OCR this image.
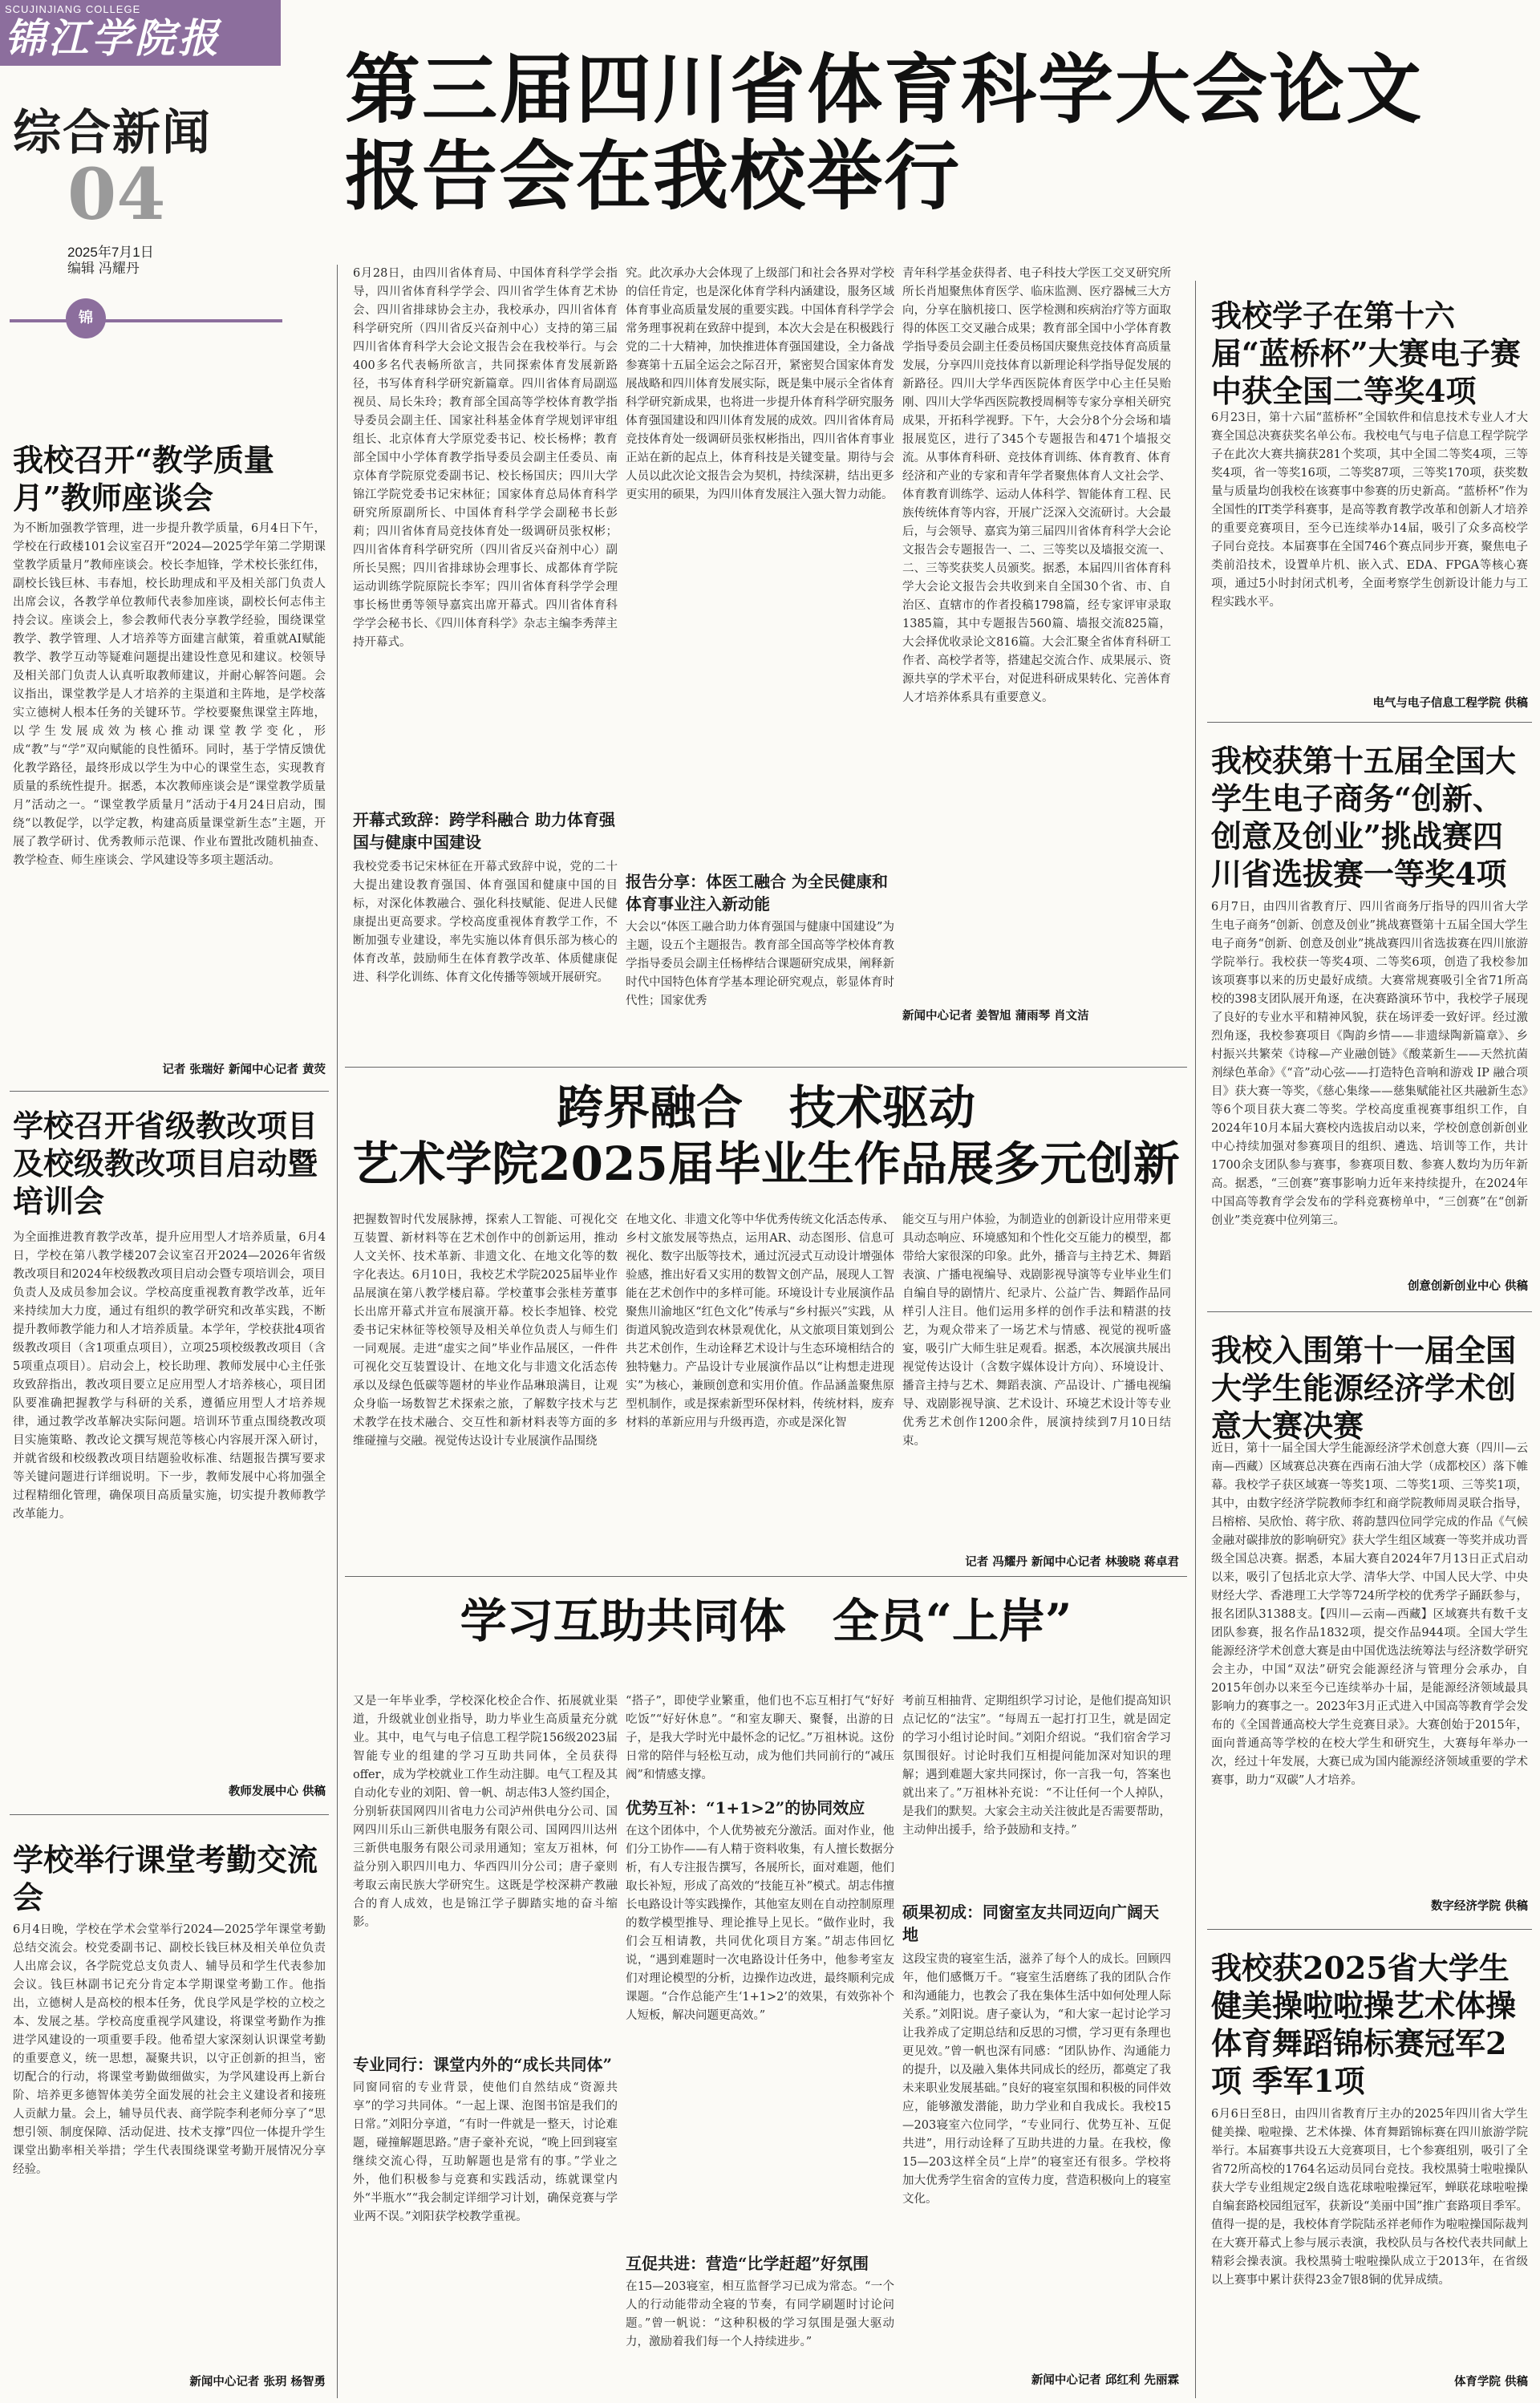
SCUJINJIANG COLLEGE
锦江学院报
综合新闻
04
2025年7月1日
编辑 冯耀丹
锦
第三届四川省体育科学大会论文报告会在我校举行
6月28日，由四川省体育局、中国体育科学学会指导，四川省体育科学学会、四川省学生体育艺术协会、四川省排球协会主办，我校承办，四川省体育科学研究所（四川省反兴奋剂中心）支持的第三届四川省体育科学大会论文报告会在我校举行。与会400多名代表畅所欲言，共同探索体育发展新路径，书写体育科学研究新篇章。四川省体育局副巡视员、局长朱玲；教育部全国高等学校体育教学指导委员会副主任、国家社科基金体育学规划评审组组长、北京体育大学原党委书记、校长杨桦；教育部全国中小学体育教学指导委员会副主任委员、南京体育学院原党委副书记、校长杨国庆；四川大学锦江学院党委书记宋林征；国家体育总局体育科学研究所原副所长、中国体育科学学会副秘书长彭莉；四川省体育局竞技体育处一级调研员张权彬；四川省体育科学研究所（四川省反兴奋剂中心）副所长吴熙；四川省排球协会理事长、成都体育学院运动训练学院原院长李军；四川省体育科学学会理事长杨世勇等领导嘉宾出席开幕式。四川省体育科学学会秘书长、《四川体育科学》杂志主编李秀萍主持开幕式。
开幕式致辞：跨学科融合 助力体育强国与健康中国建设
我校党委书记宋林征在开幕式致辞中说，党的二十大提出建设教育强国、体育强国和健康中国的目标，对深化体教融合、强化科技赋能、促进人民健康提出更高要求。学校高度重视体育教学工作，不断加强专业建设，率先实施以体育俱乐部为核心的体育改革，鼓励师生在体育教学改革、体质健康促进、科学化训练、体育文化传播等领域开展研究。
究。此次承办大会体现了上级部门和社会各界对学校的信任肯定，也是深化体育学科内涵建设，服务区域体育事业高质量发展的重要实践。中国体育科学学会常务理事祝莉在致辞中提到，本次大会是在积极践行党的二十大精神，加快推进体育强国建设，全力备战参赛第十五届全运会之际召开，紧密契合国家体育发展战略和四川体育发展实际，既是集中展示全省体育科学研究新成果，也将进一步提升体育科学研究服务体育强国建设和四川体育发展的成效。四川省体育局竞技体育处一级调研员张权彬指出，四川省体育事业正站在新的起点上，体育科技是关键变量。期待与会人员以此次论文报告会为契机，持续深耕，结出更多更实用的硕果，为四川体育发展注入强大智力动能。
报告分享：体医工融合 为全民健康和体育事业注入新动能
大会以“体医工融合助力体育强国与健康中国建设”为主题，设五个主题报告。教育部全国高等学校体育教学指导委员会副主任杨桦结合课题研究成果，阐释新时代中国特色体育学基本理论研究观点，彰显体育时代性；国家优秀
青年科学基金获得者、电子科技大学医工交叉研究所所长肖旭聚焦体育医学、临床监测、医疗器械三大方向，分享在脑机接口、医学检测和疾病治疗等方面取得的体医工交叉融合成果；教育部全国中小学体育教学指导委员会副主任委员杨国庆聚焦竞技体育高质量发展，分享四川竞技体育以新理论科学指导促发展的新路径。四川大学华西医院体育医学中心主任吴贻刚、四川大学华西医院教授周桐等专家分享相关研究成果，开拓科学视野。下午，大会分8个分会场和墙报展览区，进行了345个专题报告和471个墙报交流。从事体育科研、竞技体育训练、体育教育、体育经济和产业的专家和青年学者聚焦体育人文社会学、体育教育训练学、运动人体科学、智能体育工程、民族传统体育等内容，开展广泛深入交流研讨。大会最后，与会领导、嘉宾为第三届四川省体育科学大会论文报告会专题报告一、二、三等奖以及墙报交流一、二、三等奖获奖人员颁奖。据悉，本届四川省体育科学大会论文报告会共收到来自全国30个省、市、自治区、直辖市的作者投稿1798篇，经专家评审录取1385篇，其中专题报告560篇、墙报交流825篇，大会择优收录论文816篇。大会汇聚全省体育科研工作者、高校学者等，搭建起交流合作、成果展示、资源共享的学术平台，对促进科研成果转化、完善体育人才培养体系具有重要意义。
新闻中心记者 姜智旭 蒲雨琴 肖文洁
我校召开“教学质量月”教师座谈会
为不断加强教学管理，进一步提升教学质量，6月4日下午，学校在行政楼101会议室召开“2024—2025学年第二学期课堂教学质量月”教师座谈会。校长李旭锋，学术校长张红伟，副校长钱巨林、韦春旭，校长助理成和平及相关部门负责人出席会议，各教学单位教师代表参加座谈，副校长何志伟主持会议。座谈会上，参会教师代表分享教学经验，围绕课堂教学、教学管理、人才培养等方面建言献策，着重就AI赋能教学、教学互动等疑难问题提出建设性意见和建议。校领导及相关部门负责人认真听取教师建议，并耐心解答问题。会议指出，课堂教学是人才培养的主渠道和主阵地，是学校落实立德树人根本任务的关键环节。学校要聚焦课堂主阵地，以学生发展成效为核心推动课堂教学变化，形成“教”与“学”双向赋能的良性循环。同时，基于学情反馈优化教学路径，最终形成以学生为中心的课堂生态，实现教育质量的系统性提升。据悉，本次教师座谈会是“课堂教学质量月”活动之一。“课堂教学质量月”活动于4月24日启动，围绕“以教促学，以学定教，构建高质量课堂新生态”主题，开展了教学研讨、优秀教师示范课、作业布置批改随机抽查、教学检查、师生座谈会、学风建设等多项主题活动。
记者 张瑞好 新闻中心记者 黄荧
学校召开省级教改项目及校级教改项目启动暨培训会
为全面推进教育教学改革，提升应用型人才培养质量，6月4日，学校在第八教学楼207会议室召开2024—2026年省级教改项目和2024年校级教改项目启动会暨专项培训会，项目负责人及成员参加会议。学校高度重视教育教学改革，近年来持续加大力度，通过有组织的教学研究和改革实践，不断提升教师教学能力和人才培养质量。本学年，学校获批4项省级教改项目（含1项重点项目），立项25项校级教改项目（含5项重点项目）。启动会上，校长助理、教师发展中心主任张玫致辞指出，教改项目要立足应用型人才培养核心，项目团队要准确把握教学与科研的关系，遵循应用型人才培养规律，通过教学改革解决实际问题。培训环节重点围绕教改项目实施策略、教改论文撰写规范等核心内容展开深入研讨，并就省级和校级教改项目结题验收标准、结题报告撰写要求等关键问题进行详细说明。下一步，教师发展中心将加强全过程精细化管理，确保项目高质量实施，切实提升教师教学改革能力。
教师发展中心 供稿
学校举行课堂考勤交流会
6月4日晚，学校在学术会堂举行2024—2025学年课堂考勤总结交流会。校党委副书记、副校长钱巨林及相关单位负责人出席会议，各学院党总支负责人、辅导员和学生代表参加会议。钱巨林副书记充分肯定本学期课堂考勤工作。他指出，立德树人是高校的根本任务，优良学风是学校的立校之本、发展之基。学校高度重视学风建设，将课堂考勤作为推进学风建设的一项重要手段。他希望大家深刻认识课堂考勤的重要意义，统一思想，凝聚共识，以守正创新的担当，密切配合的行动，将课堂考勤做细做实，为学风建设再上新台阶、培养更多德智体美劳全面发展的社会主义建设者和接班人贡献力量。会上，辅导员代表、商学院李利老师分享了“思想引领、制度保障、活动促进、技术支撑”四位一体提升学生课堂出勤率相关举措；学生代表围绕课堂考勤开展情况分享经验。
新闻中心记者 张玥 杨智勇
跨界融合　技术驱动
艺术学院2025届毕业生作品展多元创新
把握数智时代发展脉搏，探索人工智能、可视化交互装置、新材料等在艺术创作中的创新运用，推动人文关怀、技术革新、非遗文化、在地文化等的数字化表达。6月10日，我校艺术学院2025届毕业作品展演在第八教学楼启幕。学校董事会张桂芳董事长出席开幕式并宣布展演开幕。校长李旭锋、校党委书记宋林征等校领导及相关单位负责人与师生们一同观展。走进“虚实之间”毕业作品展区，一件件可视化交互装置设计、在地文化与非遗文化活态传承以及绿色低碳等题材的毕业作品琳琅满目，让观众身临一场数智艺术探索之旅，了解数字技术与艺术教学在技术融合、交互性和新材料表等方面的多维碰撞与交融。视觉传达设计专业展演作品围绕
在地文化、非遗文化等中华优秀传统文化活态传承、乡村文旅发展等热点，运用AR、动态图形、信息可视化、数字出版等技术，通过沉浸式互动设计增强体验感，推出好看又实用的数智文创产品，展现人工智能在艺术创作中的多样可能。环境设计专业展演作品聚焦川渝地区“红色文化”传承与“乡村振兴”实践，从街道风貌改造到农林景观优化，从文旅项目策划到公共艺术创作，生动诠释艺术设计与生态环境相结合的独特魅力。产品设计专业展演作品以“让构想走进现实”为核心，兼顾创意和实用价值。作品涵盖聚焦原型机制作，或是探索新型环保材料，传统材料，废弃材料的革新应用与升级再造，亦或是深化智
能交互与用户体验，为制造业的创新设计应用带来更具动态响应、环境感知和个性化交互能力的模型，都带给大家很深的印象。此外，播音与主持艺术、舞蹈表演、广播电视编导、戏剧影视导演等专业毕业生们自编自导的剧情片、纪录片、公益广告、舞蹈作品同样引人注目。他们运用多样的创作手法和精湛的技艺，为观众带来了一场艺术与情感、视觉的视听盛宴，吸引广大师生驻足观看。据悉，本次展演共展出视觉传达设计（含数字媒体设计方向）、环境设计、播音主持与艺术、舞蹈表演、产品设计、广播电视编导、戏剧影视导演、艺术设计、环境艺术设计等专业优秀艺术创作1200余件，展演持续到7月10日结束。
记者 冯耀丹 新闻中心记者 林骏晓 蒋卓君
学习互助共同体　全员“上岸”
又是一年毕业季，学校深化校企合作、拓展就业渠道，升级就业创业指导，助力毕业生高质量充分就业。其中，电气与电子信息工程学院156级2023届智能专业的组建的学习互助共同体，全员获得offer，成为学校就业工作生动注脚。电气工程及其自动化专业的刘阳、曾一帆、胡志伟3人签约国企，分别斩获国网四川省电力公司泸州供电分公司、国网四川乐山三新供电服务有限公司、国网四川达州三新供电服务有限公司录用通知；室友万祖林，何益分别入职四川电力、华西四川分公司；唐子豪则考取云南民族大学研究生。这既是学校深耕产教融合的育人成效，也是锦江学子脚踏实地的奋斗缩影。
专业同行：课堂内外的“成长共同体”
同窗同宿的专业背景，使他们自然结成“资源共享”的学习共同体。“一起上课、泡图书馆是我们的日常。”刘阳分享道，“有时一件就是一整天，讨论难题，碰撞解题思路。”唐子豪补充说，“晚上回到寝室继续交流心得，互助解题也是常有的事。”学业之外，他们积极参与竞赛和实践活动，练就课堂内外“半瓶水”“我会制定详细学习计划，确保竞赛与学业两不误。”刘阳获学校教学重视。
“搭子”，即使学业繁重，他们也不忘互相打气“好好吃饭”“好好休息”。“和室友聊天、聚餐，出游的日子，是我大学时光中最怀念的记忆。”万祖林说。这份日常的陪伴与轻松互动，成为他们共同前行的“减压阀”和情感支撑。
优势互补：“1+1>2”的协同效应
在这个团体中，个人优势被充分激活。面对作业，他们分工协作——有人精于资料收集，有人擅长数据分析，有人专注报告撰写，各展所长，面对难题，他们取长补短，形成了高效的“技能互补”模式。胡志伟擅长电路设计等实践操作，其他室友则在自动控制原理的数学模型推导、理论推导上见长。“做作业时，我们会互相请教，共同优化项目方案。”胡志伟回忆说，“遇到难题时一次电路设计任务中，他参考室友们对理论模型的分析，边操作边改进，最终顺利完成课题。“合作总能产生‘1+1>2’的效果，有效弥补个人短板，解决问题更高效。”
互促共进：营造“比学赶超”好氛围
在15—203寝室，相互监督学习已成为常态。“一个人的行动能带动全寝的节奏，有同学刷题时讨论问题。”曾一帆说：“这种积极的学习氛围是强大驱动力，激励着我们每一个人持续进步。”
考前互相抽背、定期组织学习讨论，是他们提高知识点记忆的“法宝”。“每周五一起打打卫生，就是固定的学习小组讨论时间。”刘阳介绍说。“我们宿舍学习氛围很好。讨论时我们互相提问能加深对知识的理解；遇到难题大家共同探讨，你一言我一句，答案也就出来了。”万祖林补充说：“不让任何一个人掉队，是我们的默契。大家会主动关注彼此是否需要帮助，主动伸出援手，给予鼓励和支持。”
硕果初成：同窗室友共同迈向广阔天地
这段宝贵的寝室生活，滋养了每个人的成长。回顾四年，他们感慨万千。“寝室生活磨练了我的团队合作和沟通能力，也教会了我在集体生活中如何处理人际关系。”刘阳说。唐子豪认为，“和大家一起讨论学习让我养成了定期总结和反思的习惯，学习更有条理也更见效。”曾一帆也深有同感：“团队协作、沟通能力的提升，以及融入集体共同成长的经历，都奠定了我未来职业发展基础。”良好的寝室氛围和积极的同伴效应，能够激发潜能，助力学业和自我成长。我校15—203寝室六位同学，“专业同行、优势互补、互促共进”，用行动诠释了互助共进的力量。在我校，像15—203这样全员“上岸”的寝室还有很多。学校将加大优秀学生宿舍的宣传力度，营造积极向上的寝室文化。
新闻中心记者 邱红利 先丽霖
我校学子在第十六届“蓝桥杯”大赛电子赛中获全国二等奖4项
6月23日，第十六届“蓝桥杯”全国软件和信息技术专业人才大赛全国总决赛获奖名单公布。我校电气与电子信息工程学院学子在此次大赛共摘获281个奖项，其中全国二等奖4项，三等奖4项，省一等奖16项，二等奖87项，三等奖170项，获奖数量与质量均创我校在该赛事中参赛的历史新高。“蓝桥杯”作为全国性的IT类学科赛事，是高等教育教学改革和创新人才培养的重要竞赛项目，至今已连续举办14届，吸引了众多高校学子同台竞技。本届赛事在全国746个赛点同步开赛，聚焦电子类前沿技术，设置单片机、嵌入式、EDA、FPGA等核心赛项，通过5小时封闭式机考，全面考察学生创新设计能力与工程实践水平。
电气与电子信息工程学院 供稿
我校获第十五届全国大学生电子商务“创新、创意及创业”挑战赛四川省选拔赛一等奖4项
6月7日，由四川省教育厅、四川省商务厅指导的四川省大学生电子商务“创新、创意及创业”挑战赛暨第十五届全国大学生电子商务“创新、创意及创业”挑战赛四川省选拔赛在四川旅游学院举行。我校获一等奖4项、二等奖6项，创造了我校参加该项赛事以来的历史最好成绩。大赛常规赛吸引全省71所高校的398支团队展开角逐，在决赛路演环节中，我校学子展现了良好的专业水平和精神风貌，获在场评委一致好评。经过激烈角逐，我校参赛项目《陶韵乡情——非遗绿陶新篇章》、乡村振兴共繁荣《诗稼—产业融创链》《酸菜新生——天然抗菌剂绿色革命》《“音”动心弦——打造特色音响和游戏 IP 融合项目》获大赛一等奖，《慈心集缘——慈集赋能社区共融新生态》等6个项目获大赛二等奖。学校高度重视赛事组织工作，自2024年10月本届大赛校内选拔启动以来，学校创意创新创业中心持续加强对参赛项目的组织、遴选、培训等工作，共计1700余支团队参与赛事，参赛项目数、参赛人数均为历年新高。据悉，“三创赛”赛事影响力近年来持续提升，在2024年中国高等教育学会发布的学科竞赛榜单中，“三创赛”在“创新创业”类竞赛中位列第三。
创意创新创业中心 供稿
我校入围第十一届全国大学生能源经济学术创意大赛决赛
近日，第十一届全国大学生能源经济学术创意大赛（四川—云南—西藏）区域赛总决赛在西南石油大学（成都校区）落下帷幕。我校学子获区域赛一等奖1项、二等奖1项、三等奖1项，其中，由数字经济学院教师李红和商学院教师周灵联合指导，吕榕榕、吴欣怡、蒋宇欣、蒋韵慧四位同学完成的作品《气候金融对碳排放的影响研究》获大学生组区域赛一等奖并成功晋级全国总决赛。据悉，本届大赛自2024年7月13日正式启动以来，吸引了包括北京大学、清华大学、中国人民大学、中央财经大学、香港理工大学等724所学校的优秀学子踊跃参与，报名团队31388支。【四川—云南—西藏】区域赛共有数千支团队参赛，报名作品1832项，提交作品944项。全国大学生能源经济学术创意大赛是由中国优选法统筹法与经济数学研究会主办，中国“双法”研究会能源经济与管理分会承办，自2015年创办以来至今已连续举办十届，是能源经济领域最具影响力的赛事之一。2023年3月正式进入中国高等教育学会发布的《全国普通高校大学生竞赛目录》。大赛创始于2015年，面向普通高等学校的在校大学生和研究生，大赛每年举办一次，经过十年发展，大赛已成为国内能源经济领域重要的学术赛事，助力“双碳”人才培养。
数字经济学院 供稿
我校获2025省大学生健美操啦啦操艺术体操体育舞蹈锦标赛冠军2项 季军1项
6月6日至8日，由四川省教育厅主办的2025年四川省大学生健美操、啦啦操、艺术体操、体育舞蹈锦标赛在四川旅游学院举行。本届赛事共设五大竞赛项目，七个参赛组别，吸引了全省72所高校的1764名运动员同台竞技。我校黑骑士啦啦操队获大学专业组规定2级自选花球啦啦操冠军，蝉联花球啦啦操自编套路校园组冠军，获新设“美丽中国”推广套路项目季军。值得一提的是，我校体育学院陆丞祥老师作为啦啦操国际裁判在大赛开幕式上参与展示表演，我校队员与各校代表共同献上精彩会操表演。我校黑骑士啦啦操队成立于2013年，在省级以上赛事中累计获得23金7银8铜的优异成绩。
体育学院 供稿
